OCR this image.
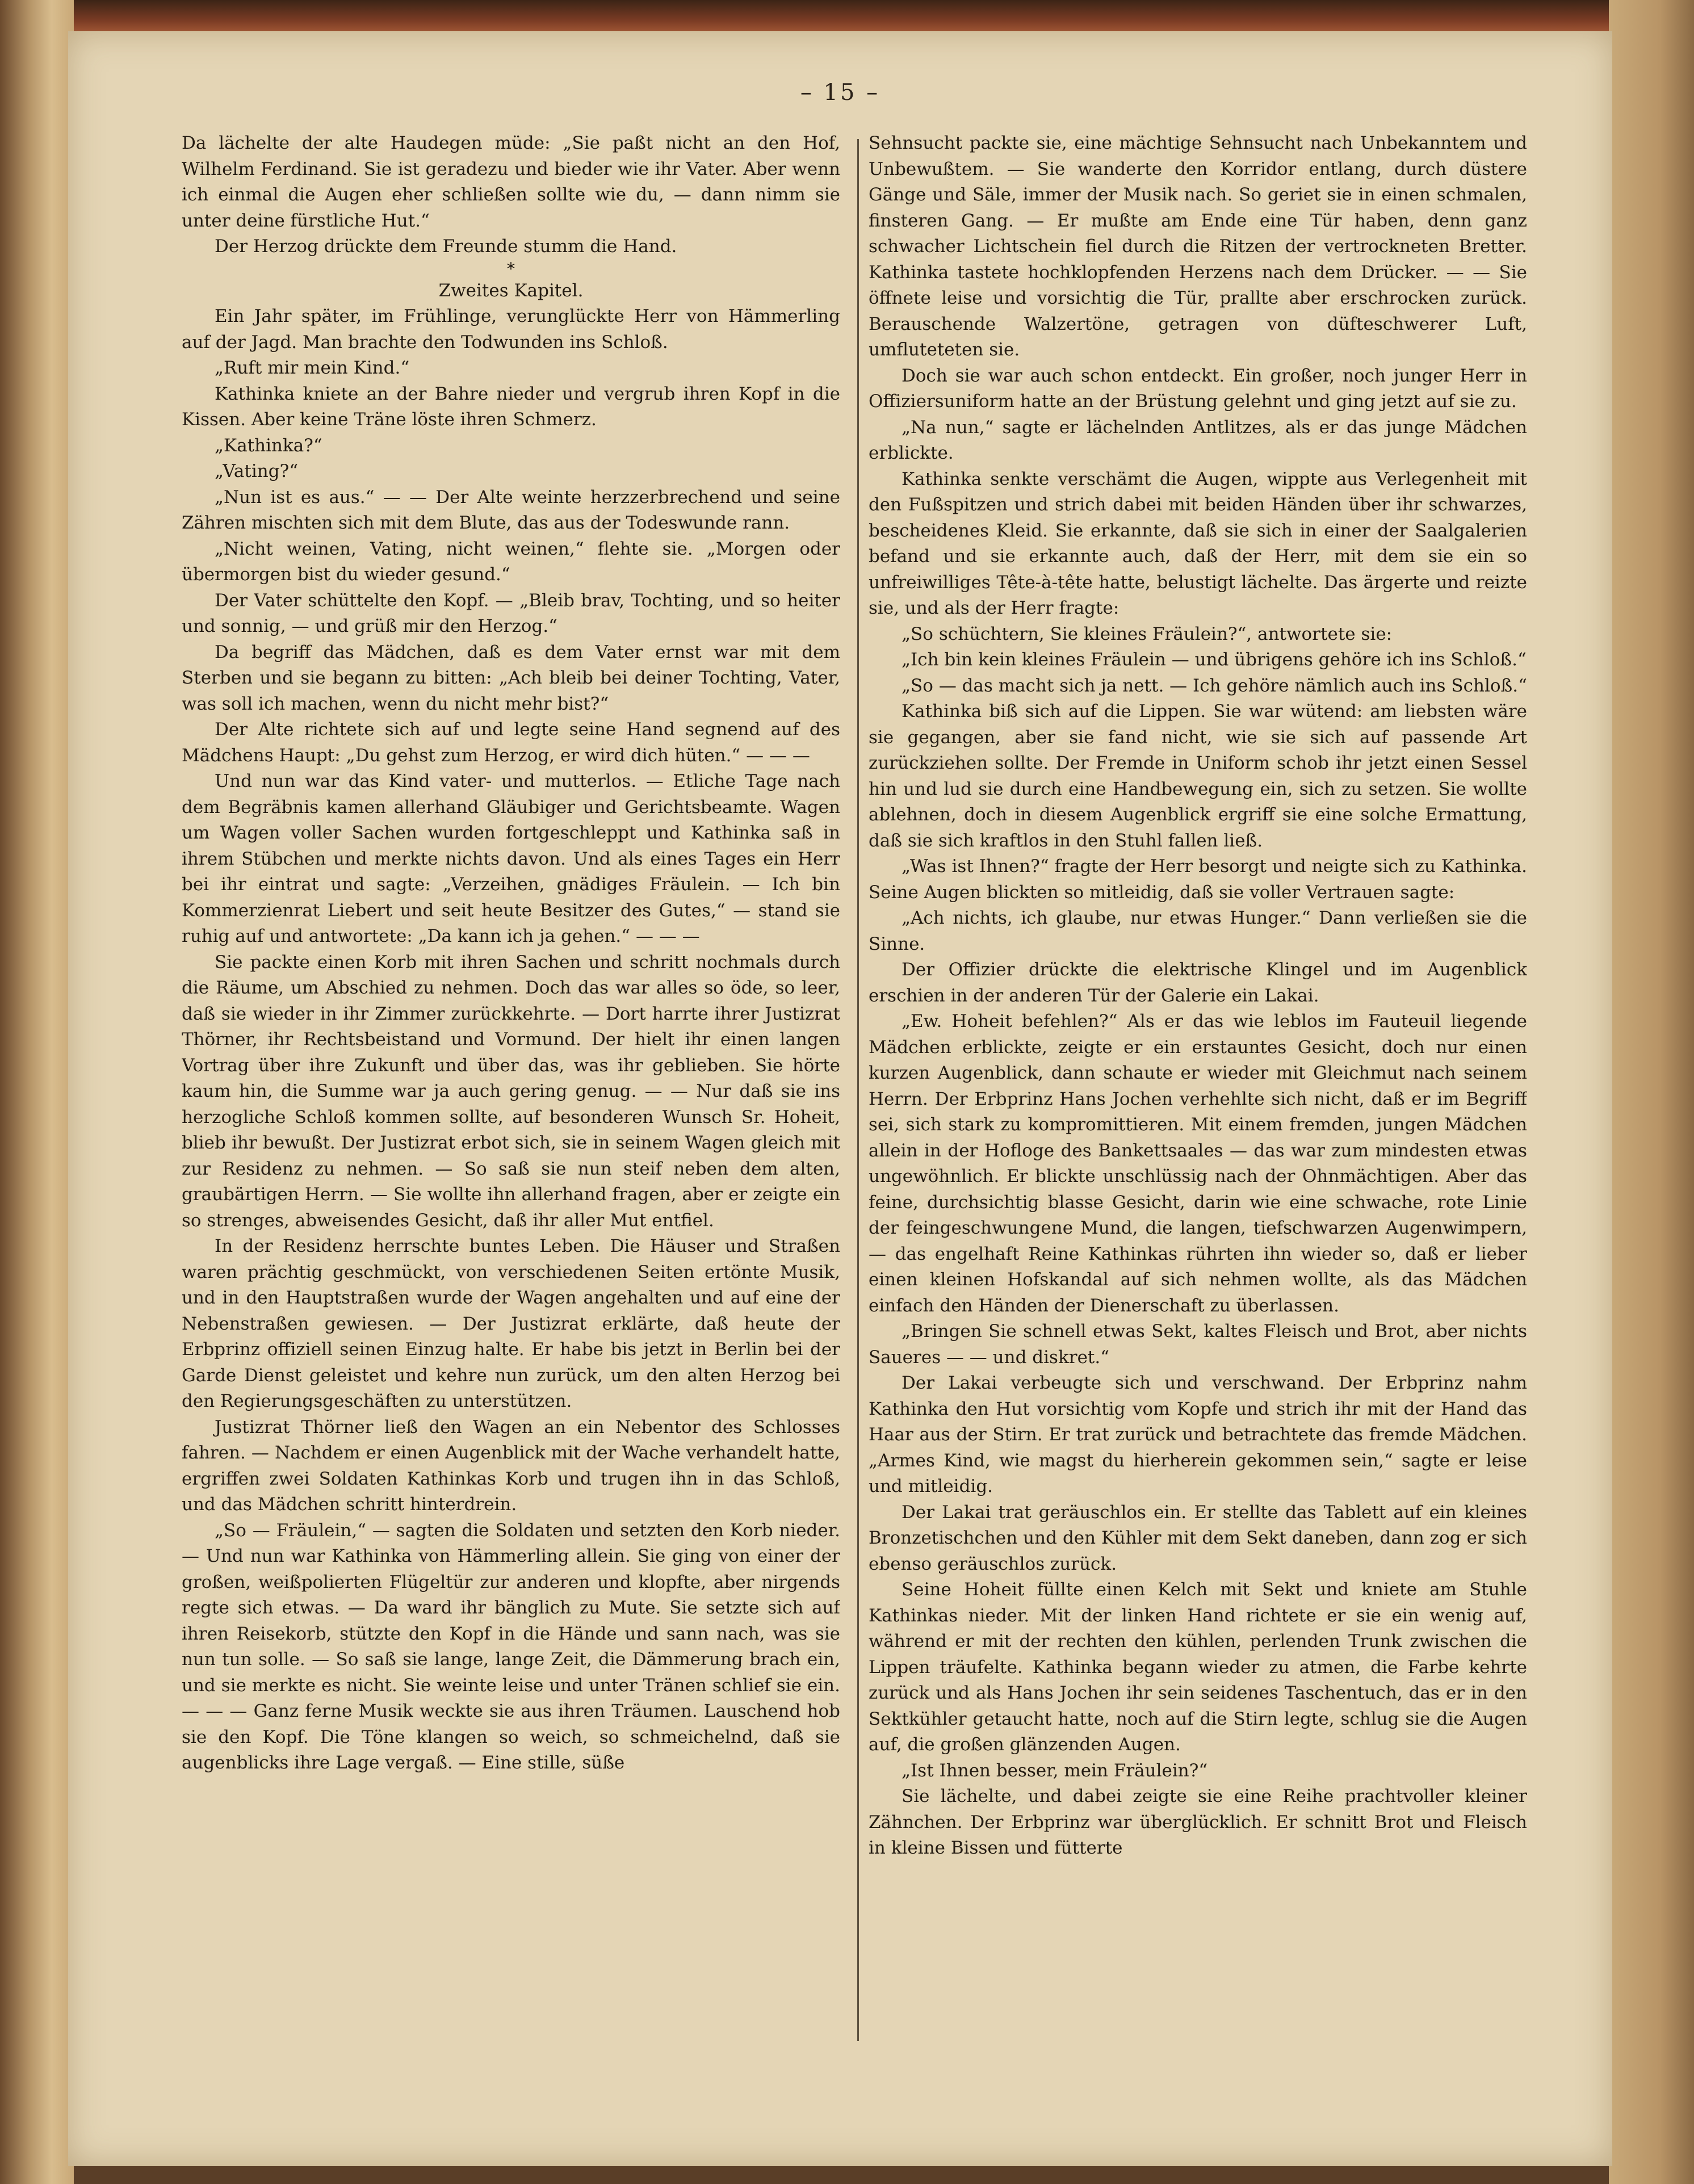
– 15 –

Da lächelte der alte Haudegen müde: „Sie paßt nicht an den Hof, Wilhelm Ferdinand. Sie ist geradezu und bieder wie ihr Vater. Aber wenn ich einmal die Augen eher schließen sollte wie du, — dann nimm sie unter deine fürstliche Hut.“

Der Herzog drückte dem Freunde stumm die Hand.

*

Zweites Kapitel.

Ein Jahr später, im Frühlinge, verunglückte Herr von Hämmerling auf der Jagd. Man brachte den Todwunden ins Schloß.

„Ruft mir mein Kind.“

Kathinka kniete an der Bahre nieder und vergrub ihren Kopf in die Kissen. Aber keine Träne löste ihren Schmerz.

„Kathinka?“

„Vating?“

„Nun ist es aus.“ — — Der Alte weinte herzzerbrechend und seine Zähren mischten sich mit dem Blute, das aus der Todeswunde rann.

„Nicht weinen, Vating, nicht weinen,“ flehte sie. „Morgen oder übermorgen bist du wieder gesund.“

Der Vater schüttelte den Kopf. — „Bleib brav, Tochting, und so heiter und sonnig, — und grüß mir den Herzog.“

Da begriff das Mädchen, daß es dem Vater ernst war mit dem Sterben und sie begann zu bitten: „Ach bleib bei deiner Tochting, Vater, was soll ich machen, wenn du nicht mehr bist?“

Der Alte richtete sich auf und legte seine Hand segnend auf des Mädchens Haupt: „Du gehst zum Herzog, er wird dich hüten.“ — — —

Und nun war das Kind vater- und mutterlos. — Etliche Tage nach dem Begräbnis kamen allerhand Gläubiger und Gerichtsbeamte. Wagen um Wagen voller Sachen wurden fortgeschleppt und Kathinka saß in ihrem Stübchen und merkte nichts davon. Und als eines Tages ein Herr bei ihr eintrat und sagte: „Verzeihen, gnädiges Fräulein. — Ich bin Kommerzienrat Liebert und seit heute Besitzer des Gutes,“ — stand sie ruhig auf und antwortete: „Da kann ich ja gehen.“ — — —

Sie packte einen Korb mit ihren Sachen und schritt nochmals durch die Räume, um Abschied zu nehmen. Doch das war alles so öde, so leer, daß sie wieder in ihr Zimmer zurückkehrte. — Dort harrte ihrer Justizrat Thörner, ihr Rechtsbeistand und Vormund. Der hielt ihr einen langen Vortrag über ihre Zukunft und über das, was ihr geblieben. Sie hörte kaum hin, die Summe war ja auch gering genug. — — Nur daß sie ins herzogliche Schloß kommen sollte, auf besonderen Wunsch Sr. Hoheit, blieb ihr bewußt. Der Justizrat erbot sich, sie in seinem Wagen gleich mit zur Residenz zu nehmen. — So saß sie nun steif neben dem alten, graubärtigen Herrn. — Sie wollte ihn allerhand fragen, aber er zeigte ein so strenges, abweisendes Gesicht, daß ihr aller Mut entfiel.

In der Residenz herrschte buntes Leben. Die Häuser und Straßen waren prächtig geschmückt, von verschiedenen Seiten ertönte Musik, und in den Hauptstraßen wurde der Wagen angehalten und auf eine der Nebenstraßen gewiesen. — Der Justizrat erklärte, daß heute der Erbprinz offiziell seinen Einzug halte. Er habe bis jetzt in Berlin bei der Garde Dienst geleistet und kehre nun zurück, um den alten Herzog bei den Regierungsgeschäften zu unterstützen.

Justizrat Thörner ließ den Wagen an ein Nebentor des Schlosses fahren. — Nachdem er einen Augenblick mit der Wache verhandelt hatte, ergriffen zwei Soldaten Kathinkas Korb und trugen ihn in das Schloß, und das Mädchen schritt hinterdrein.

„So — Fräulein,“ — sagten die Soldaten und setzten den Korb nieder. — Und nun war Kathinka von Hämmerling allein. Sie ging von einer der großen, weißpolierten Flügeltür zur anderen und klopfte, aber nirgends regte sich etwas. — Da ward ihr bänglich zu Mute. Sie setzte sich auf ihren Reisekorb, stützte den Kopf in die Hände und sann nach, was sie nun tun solle. — So saß sie lange, lange Zeit, die Dämmerung brach ein, und sie merkte es nicht. Sie weinte leise und unter Tränen schlief sie ein. — — — Ganz ferne Musik weckte sie aus ihren Träumen. Lauschend hob sie den Kopf. Die Töne klangen so weich, so schmeichelnd, daß sie augenblicks ihre Lage vergaß. — Eine stille, süße

Sehnsucht packte sie, eine mächtige Sehnsucht nach Unbekanntem und Unbewußtem. — Sie wanderte den Korridor entlang, durch düstere Gänge und Säle, immer der Musik nach. So geriet sie in einen schmalen, finsteren Gang. — Er mußte am Ende eine Tür haben, denn ganz schwacher Lichtschein fiel durch die Ritzen der vertrockneten Bretter. Kathinka tastete hochklopfenden Herzens nach dem Drücker. — — Sie öffnete leise und vorsichtig die Tür, prallte aber erschrocken zurück. Berauschende Walzertöne, getragen von düfteschwerer Luft, umfluteteten sie.

Doch sie war auch schon entdeckt. Ein großer, noch junger Herr in Offiziersuniform hatte an der Brüstung gelehnt und ging jetzt auf sie zu.

„Na nun,“ sagte er lächelnden Antlitzes, als er das junge Mädchen erblickte.

Kathinka senkte verschämt die Augen, wippte aus Verlegenheit mit den Fußspitzen und strich dabei mit beiden Händen über ihr schwarzes, bescheidenes Kleid. Sie erkannte, daß sie sich in einer der Saalgalerien befand und sie erkannte auch, daß der Herr, mit dem sie ein so unfreiwilliges Tête-à-tête hatte, belustigt lächelte. Das ärgerte und reizte sie, und als der Herr fragte:

„So schüchtern, Sie kleines Fräulein?“, antwortete sie:

„Ich bin kein kleines Fräulein — und übrigens gehöre ich ins Schloß.“

„So — das macht sich ja nett. — Ich gehöre nämlich auch ins Schloß.“

Kathinka biß sich auf die Lippen. Sie war wütend: am liebsten wäre sie gegangen, aber sie fand nicht, wie sie sich auf passende Art zurückziehen sollte. Der Fremde in Uniform schob ihr jetzt einen Sessel hin und lud sie durch eine Handbewegung ein, sich zu setzen. Sie wollte ablehnen, doch in diesem Augenblick ergriff sie eine solche Ermattung, daß sie sich kraftlos in den Stuhl fallen ließ.

„Was ist Ihnen?“ fragte der Herr besorgt und neigte sich zu Kathinka. Seine Augen blickten so mitleidig, daß sie voller Vertrauen sagte:

„Ach nichts, ich glaube, nur etwas Hunger.“ Dann verließen sie die Sinne.

Der Offizier drückte die elektrische Klingel und im Augenblick erschien in der anderen Tür der Galerie ein Lakai.

„Ew. Hoheit befehlen?“ Als er das wie leblos im Fauteuil liegende Mädchen erblickte, zeigte er ein erstauntes Gesicht, doch nur einen kurzen Augenblick, dann schaute er wieder mit Gleichmut nach seinem Herrn. Der Erbprinz Hans Jochen verhehlte sich nicht, daß er im Begriff sei, sich stark zu kompromittieren. Mit einem fremden, jungen Mädchen allein in der Hofloge des Bankettsaales — das war zum mindesten etwas ungewöhnlich. Er blickte unschlüssig nach der Ohnmächtigen. Aber das feine, durchsichtig blasse Gesicht, darin wie eine schwache, rote Linie der feingeschwungene Mund, die langen, tiefschwarzen Augenwimpern, — das engelhaft Reine Kathinkas rührten ihn wieder so, daß er lieber einen kleinen Hofskandal auf sich nehmen wollte, als das Mädchen einfach den Händen der Dienerschaft zu überlassen.

„Bringen Sie schnell etwas Sekt, kaltes Fleisch und Brot, aber nichts Saueres — — und diskret.“

Der Lakai verbeugte sich und verschwand. Der Erbprinz nahm Kathinka den Hut vorsichtig vom Kopfe und strich ihr mit der Hand das Haar aus der Stirn. Er trat zurück und betrachtete das fremde Mädchen. „Armes Kind, wie magst du hierherein gekommen sein,“ sagte er leise und mitleidig.

Der Lakai trat geräuschlos ein. Er stellte das Tablett auf ein kleines Bronzetischchen und den Kühler mit dem Sekt daneben, dann zog er sich ebenso geräuschlos zurück.

Seine Hoheit füllte einen Kelch mit Sekt und kniete am Stuhle Kathinkas nieder. Mit der linken Hand richtete er sie ein wenig auf, während er mit der rechten den kühlen, perlenden Trunk zwischen die Lippen träufelte. Kathinka begann wieder zu atmen, die Farbe kehrte zurück und als Hans Jochen ihr sein seidenes Taschentuch, das er in den Sektkühler getaucht hatte, noch auf die Stirn legte, schlug sie die Augen auf, die großen glänzenden Augen.

„Ist Ihnen besser, mein Fräulein?“

Sie lächelte, und dabei zeigte sie eine Reihe prachtvoller kleiner Zähnchen. Der Erbprinz war überglücklich. Er schnitt Brot und Fleisch in kleine Bissen und fütterte
